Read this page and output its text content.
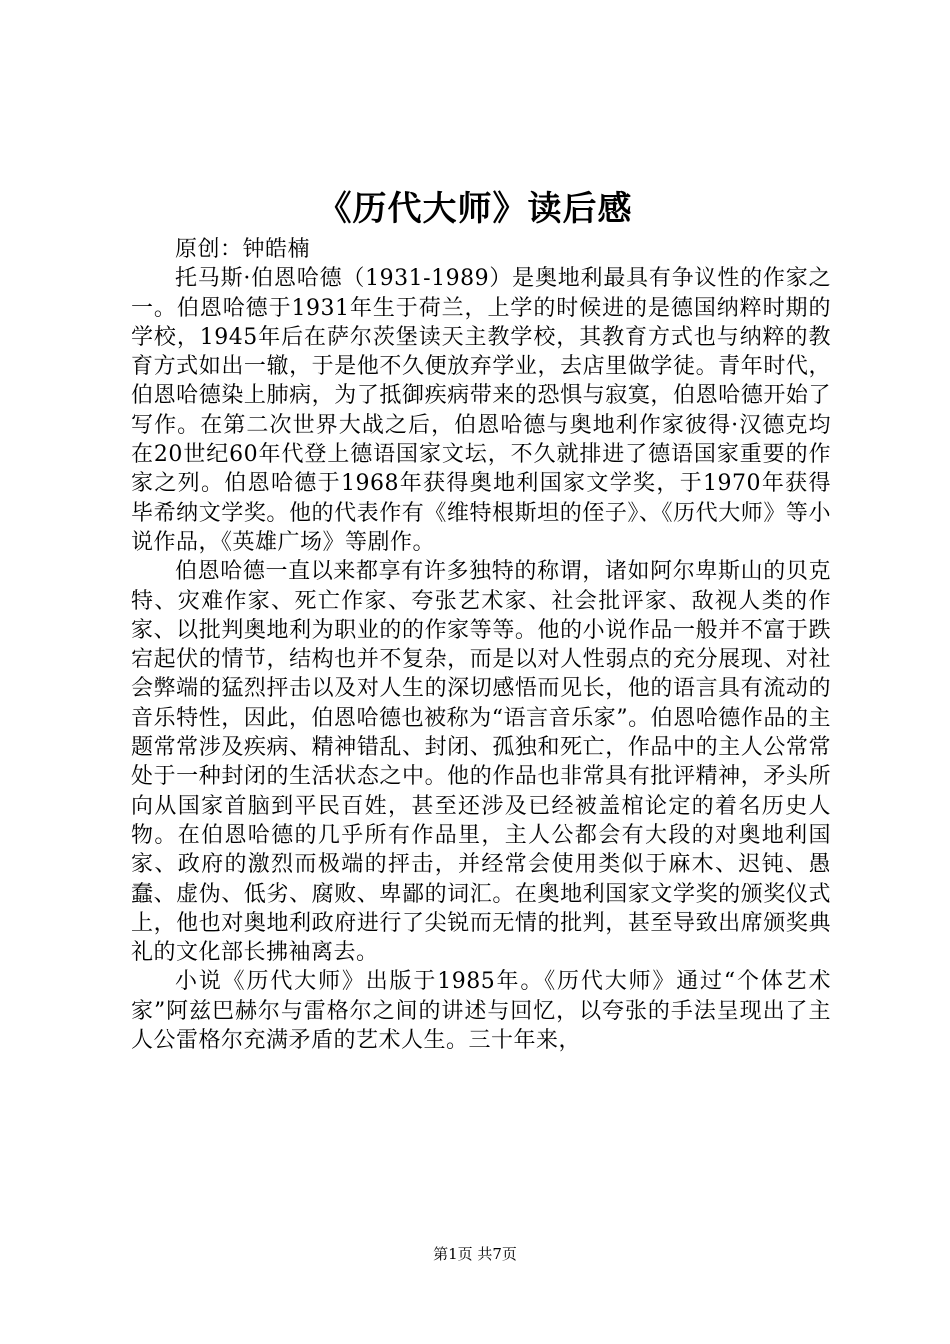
《历代大师》读后感

原创：钟皓楠

托马斯·伯恩哈德（1931-1989）是奥地利最具有争议性的作家之一。伯恩哈德于1931年生于荷兰，上学的时候进的是德国纳粹时期的学校，1945年后在萨尔茨堡读天主教学校，其教育方式也与纳粹的教育方式如出一辙，于是他不久便放弃学业，去店里做学徒。青年时代，伯恩哈德染上肺病，为了抵御疾病带来的恐惧与寂寞，伯恩哈德开始了写作。在第二次世界大战之后，伯恩哈德与奥地利作家彼得·汉德克均在20世纪60年代登上德语国家文坛，不久就排进了德语国家重要的作家之列。伯恩哈德于1968年获得奥地利国家文学奖，于1970年获得毕希纳文学奖。他的代表作有《维特根斯坦的侄子》、《历代大师》等小说作品，《英雄广场》等剧作。

伯恩哈德一直以来都享有许多独特的称谓，诸如阿尔卑斯山的贝克特、灾难作家、死亡作家、夸张艺术家、社会批评家、敌视人类的作家、以批判奥地利为职业的的作家等等。他的小说作品一般并不富于跌宕起伏的情节，结构也并不复杂，而是以对人性弱点的充分展现、对社会弊端的猛烈抨击以及对人生的深切感悟而见长，他的语言具有流动的音乐特性，因此，伯恩哈德也被称为“语言音乐家”。伯恩哈德作品的主题常常涉及疾病、精神错乱、封闭、孤独和死亡，作品中的主人公常常处于一种封闭的生活状态之中。他的作品也非常具有批评精神，矛头所向从国家首脑到平民百姓，甚至还涉及已经被盖棺论定的着名历史人物。在伯恩哈德的几乎所有作品里，主人公都会有大段的对奥地利国家、政府的激烈而极端的抨击，并经常会使用类似于麻木、迟钝、愚蠢、虚伪、低劣、腐败、卑鄙的词汇。在奥地利国家文学奖的颁奖仪式上，他也对奥地利政府进行了尖锐而无情的批判，甚至导致出席颁奖典礼的文化部长拂袖离去。

小说《历代大师》出版于1985年。《历代大师》通过“个体艺术家”阿兹巴赫尔与雷格尔之间的讲述与回忆，以夸张的手法呈现出了主人公雷格尔充满矛盾的艺术人生。三十年来，

第1页 共7页
